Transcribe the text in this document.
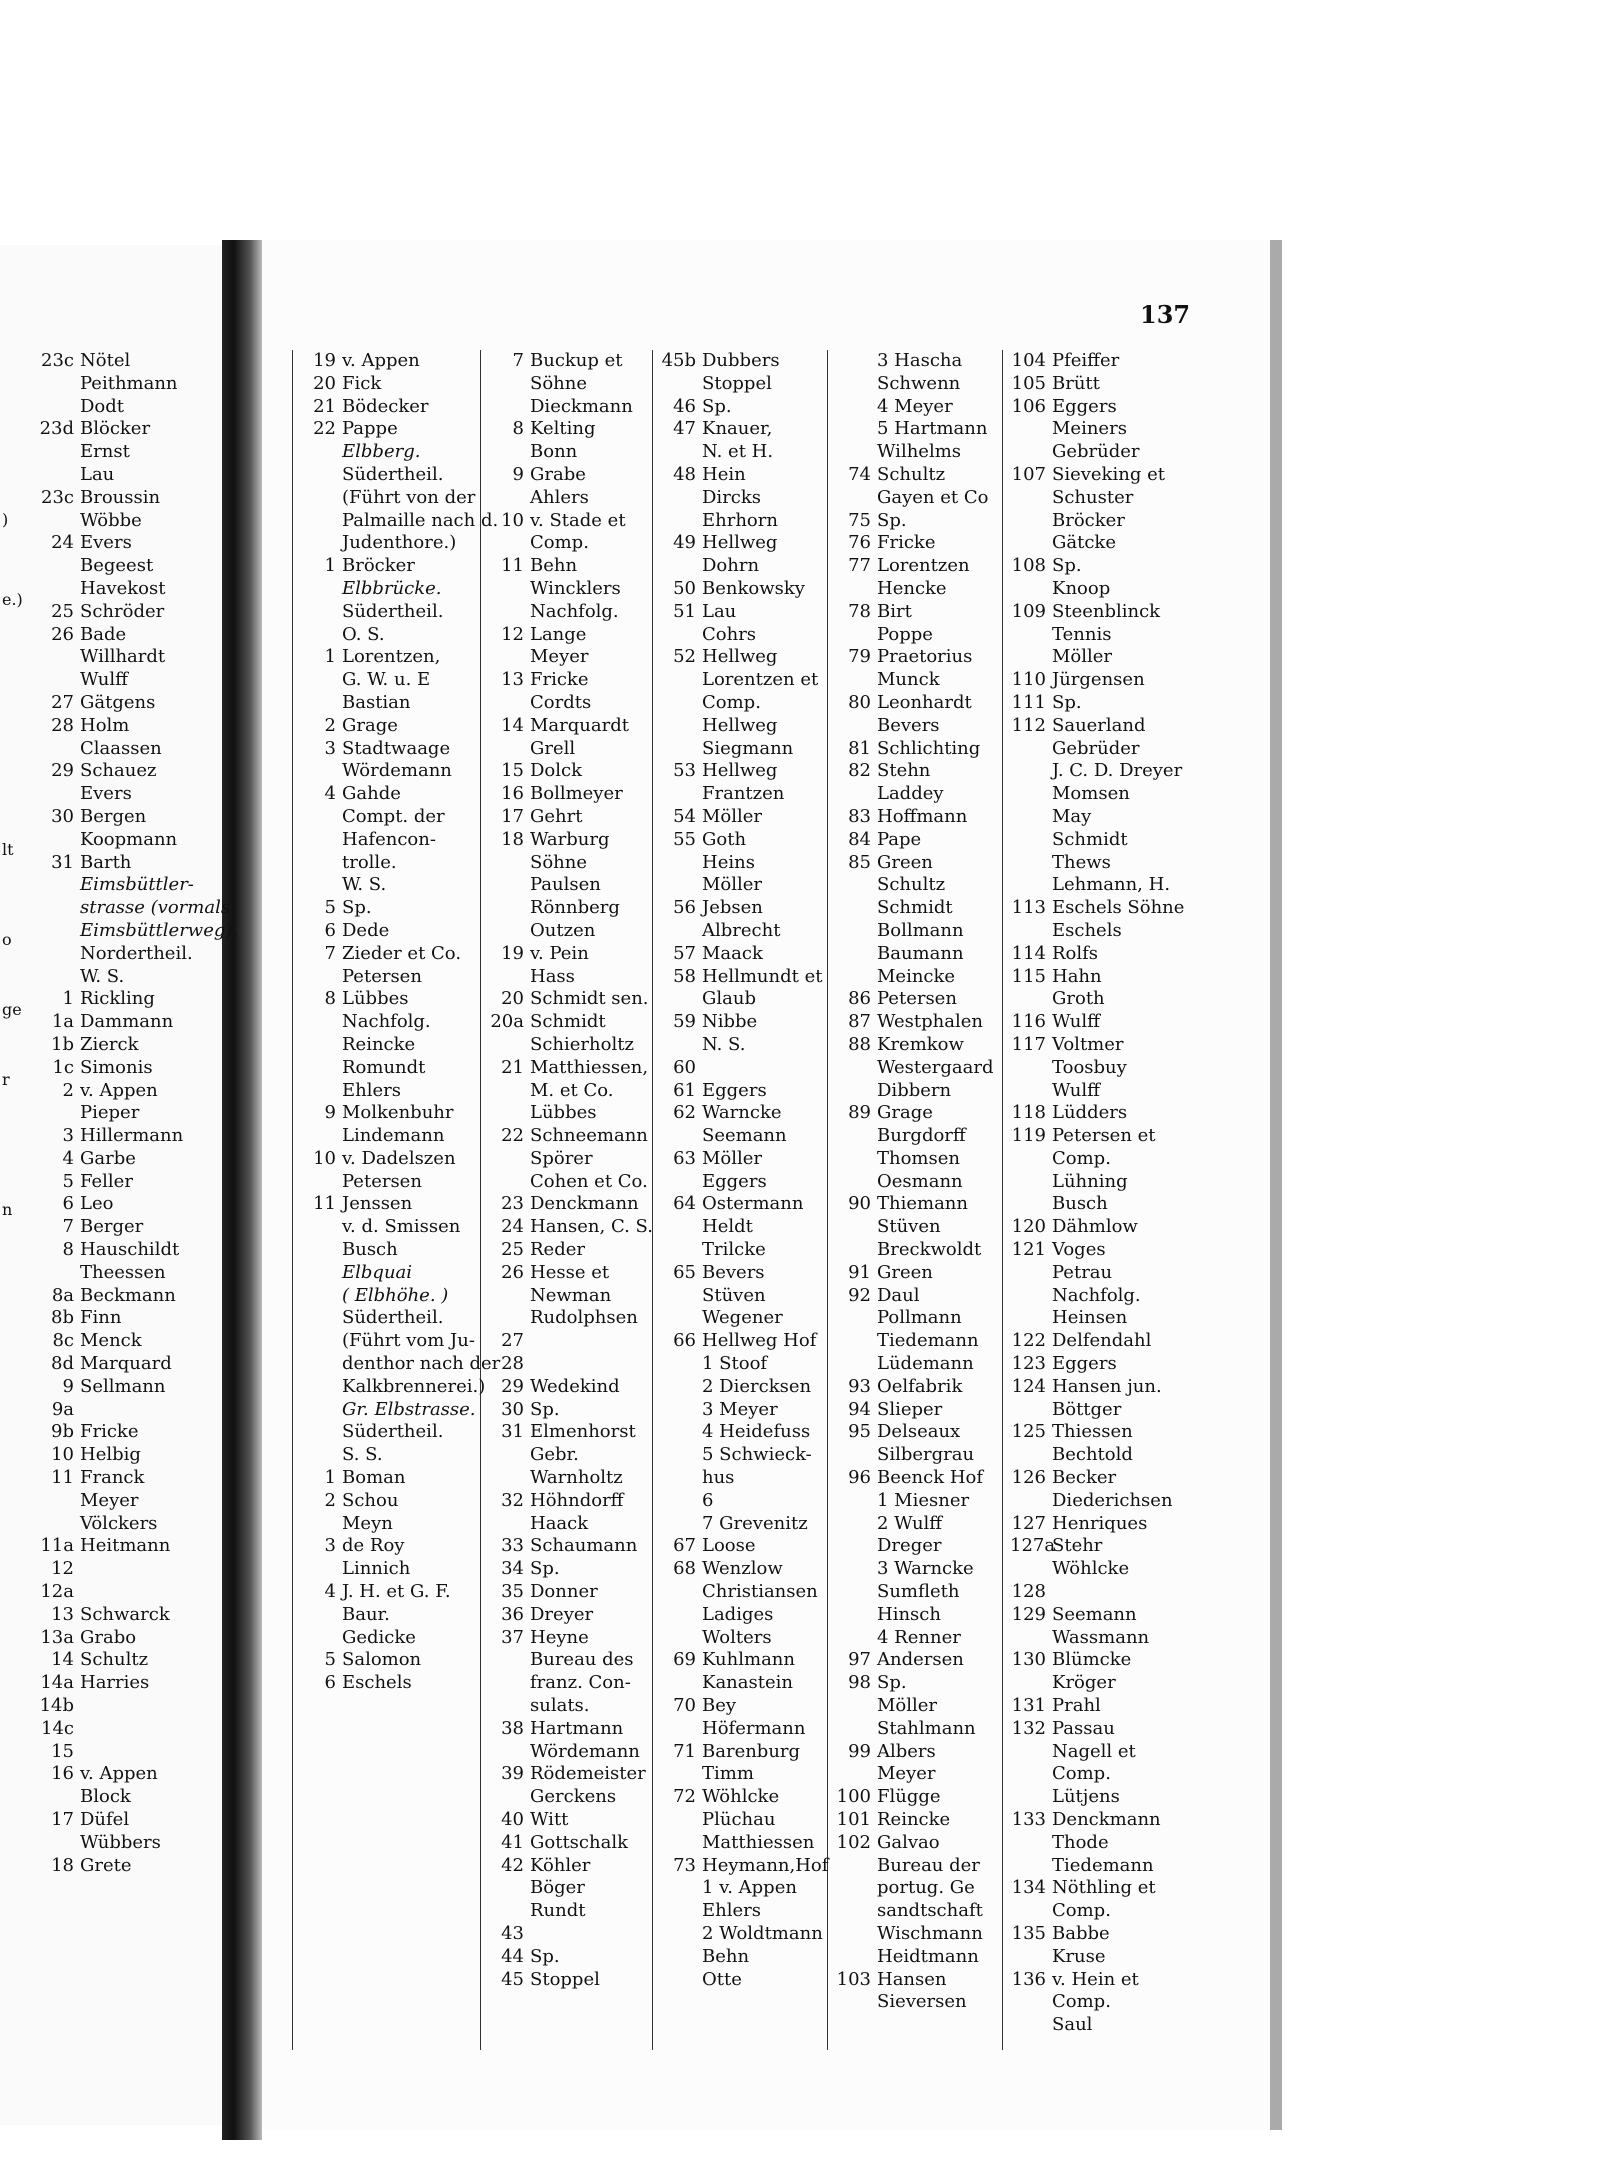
137
)
e.)
lt
o
ge
r
n
23c Nötel
Peithmann
Dodt
23d Blöcker
Ernst
Lau
23c Broussin
Wöbbe
24 Evers
Begeest
Havekost
25 Schröder
26 Bade
Willhardt
Wulff
27 Gätgens
28 Holm
Claassen
29 Schauez
Evers
30 Bergen
Koopmann
31 Barth
Eimsbüttler-
strasse (vormals
Eimsbüttlerweg).
Nordertheil.
W. S.
1 Rickling
1a Dammann
1b Zierck
1c Simonis
2 v. Appen
Pieper
3 Hillermann
4 Garbe
5 Feller
6 Leo
7 Berger
8 Hauschildt
Theessen
8a Beckmann
8b Finn
8c Menck
8d Marquard
9 Sellmann
9a
9b Fricke
10 Helbig
11 Franck
Meyer
Völckers
11a Heitmann
12
12a
13 Schwarck
13a Grabo
14 Schultz
14a Harries
14b
14c
15
16 v. Appen
Block
17 Düfel
Wübbers
18 Grete
19 v. Appen
20 Fick
21 Bödecker
22 Pappe
Elbberg.
Südertheil.
(Führt von der
Palmaille nach d.
Judenthore.)
1 Bröcker
Elbbrücke.
Südertheil.
O. S.
1 Lorentzen,
G. W. u. E
Bastian
2 Grage
3 Stadtwaage
Wördemann
4 Gahde
Compt. der
Hafencon-
trolle.
W. S.
5 Sp.
6 Dede
7 Zieder et Co.
Petersen
8 Lübbes
Nachfolg.
Reincke
Romundt
Ehlers
9 Molkenbuhr
Lindemann
10 v. Dadelszen
Petersen
11 Jenssen
v. d. Smissen
Busch
Elbquai
( Elbhöhe. )
Südertheil.
(Führt vom Ju-
denthor nach der
Kalkbrennerei.)
Gr. Elbstrasse.
Südertheil.
S. S.
1 Boman
2 Schou
Meyn
3 de Roy
Linnich
4 J. H. et G. F.
Baur.
Gedicke
5 Salomon
6 Eschels
7 Buckup et
Söhne
Dieckmann
8 Kelting
Bonn
9 Grabe
Ahlers
10 v. Stade et
Comp.
11 Behn
Wincklers
Nachfolg.
12 Lange
Meyer
13 Fricke
Cordts
14 Marquardt
Grell
15 Dolck
16 Bollmeyer
17 Gehrt
18 Warburg
Söhne
Paulsen
Rönnberg
Outzen
19 v. Pein
Hass
20 Schmidt sen.
20a Schmidt
Schierholtz
21 Matthiessen,
M. et Co.
Lübbes
22 Schneemann
Spörer
Cohen et Co.
23 Denckmann
24 Hansen, C. S.
25 Reder
26 Hesse et
Newman
Rudolphsen
27
28
29 Wedekind
30 Sp.
31 Elmenhorst
Gebr.
Warnholtz
32 Höhndorff
Haack
33 Schaumann
34 Sp.
35 Donner
36 Dreyer
37 Heyne
Bureau des
franz. Con-
sulats.
38 Hartmann
Wördemann
39 Rödemeister
Gerckens
40 Witt
41 Gottschalk
42 Köhler
Böger
Rundt
43
44 Sp.
45 Stoppel
45b Dubbers
Stoppel
46 Sp.
47 Knauer,
N. et H.
48 Hein
Dircks
Ehrhorn
49 Hellweg
Dohrn
50 Benkowsky
51 Lau
Cohrs
52 Hellweg
Lorentzen et
Comp.
Hellweg
Siegmann
53 Hellweg
Frantzen
54 Möller
55 Goth
Heins
Möller
56 Jebsen
Albrecht
57 Maack
58 Hellmundt et
Glaub
59 Nibbe
N. S.
60
61 Eggers
62 Warncke
Seemann
63 Möller
Eggers
64 Ostermann
Heldt
Trilcke
65 Bevers
Stüven
Wegener
66 Hellweg Hof
1 Stoof
2 Diercksen
3 Meyer
4 Heidefuss
5 Schwieck-
hus
6
7 Grevenitz
67 Loose
68 Wenzlow
Christiansen
Ladiges
Wolters
69 Kuhlmann
Kanastein
70 Bey
Höfermann
71 Barenburg
Timm
72 Wöhlcke
Plüchau
Matthiessen
73 Heymann,Hof
1 v. Appen
Ehlers
2 Woldtmann
Behn
Otte
3 Hascha
Schwenn
4 Meyer
5 Hartmann
Wilhelms
74 Schultz
Gayen et Co
75 Sp.
76 Fricke
77 Lorentzen
Hencke
78 Birt
Poppe
79 Praetorius
Munck
80 Leonhardt
Bevers
81 Schlichting
82 Stehn
Laddey
83 Hoffmann
84 Pape
85 Green
Schultz
Schmidt
Bollmann
Baumann
Meincke
86 Petersen
87 Westphalen
88 Kremkow
Westergaard
Dibbern
89 Grage
Burgdorff
Thomsen
Oesmann
90 Thiemann
Stüven
Breckwoldt
91 Green
92 Daul
Pollmann
Tiedemann
Lüdemann
93 Oelfabrik
94 Slieper
95 Delseaux
Silbergrau
96 Beenck Hof
1 Miesner
2 Wulff
Dreger
3 Warncke
Sumfleth
Hinsch
4 Renner
97 Andersen
98 Sp.
Möller
Stahlmann
99 Albers
Meyer
100 Flügge
101 Reincke
102 Galvao
Bureau der
portug. Ge
sandtschaft
Wischmann
Heidtmann
103 Hansen
Sieversen
104 Pfeiffer
105 Brütt
106 Eggers
Meiners
Gebrüder
107 Sieveking et
Schuster
Bröcker
Gätcke
108 Sp.
Knoop
109 Steenblinck
Tennis
Möller
110 Jürgensen
111 Sp.
112 Sauerland
Gebrüder
J. C. D. Dreyer
Momsen
May
Schmidt
Thews
Lehmann, H.
113 Eschels Söhne
Eschels
114 Rolfs
115 Hahn
Groth
116 Wulff
117 Voltmer
Toosbuy
Wulff
118 Lüdders
119 Petersen et
Comp.
Lühning
Busch
120 Dähmlow
121 Voges
Petrau
Nachfolg.
Heinsen
122 Delfendahl
123 Eggers
124 Hansen jun.
Böttger
125 Thiessen
Bechtold
126 Becker
Diederichsen
127 Henriques
127aStehr
Wöhlcke
128
129 Seemann
Wassmann
130 Blümcke
Kröger
131 Prahl
132 Passau
Nagell et
Comp.
Lütjens
133 Denckmann
Thode
Tiedemann
134 Nöthling et
Comp.
135 Babbe
Kruse
136 v. Hein et
Comp.
Saul
